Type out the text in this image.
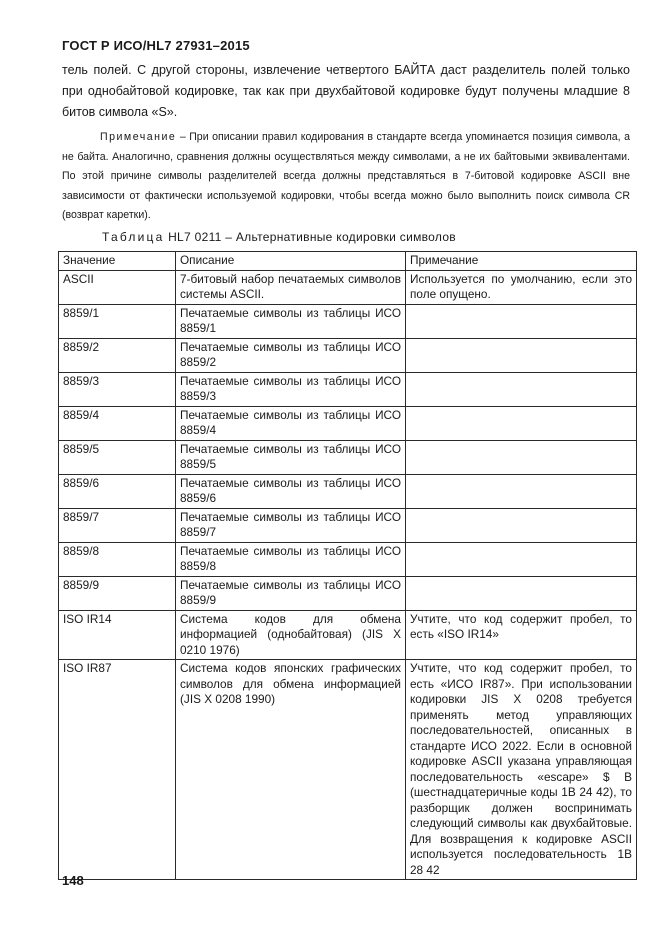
ГОСТ Р ИСО/HL7 27931–2015
тель полей. С другой стороны, извлечение четвертого БАЙТА даст разделитель полей только при однобайтовой кодировке, так как при двухбайтовой кодировке будут получены младшие 8 битов символа «S».
Примечание – При описании правил кодирования в стандарте всегда упоминается позиция символа, а не байта. Аналогично, сравнения должны осуществляться между символами, а не их байтовыми эквивалентами. По этой причине символы разделителей всегда должны представляться в 7-битовой кодировке ASCII вне зависимости от фактически используемой кодировки, чтобы всегда можно было выполнить поиск символа CR (возврат каретки).
Таблица HL7 0211 – Альтернативные кодировки символов
Значение	Описание	Примечание
ASCII	7-битовый набор печатаемых символов системы ASCII.	Используется по умолчанию, если это поле опущено.
8859/1	Печатаемые символы из таблицы ИСО 8859/1	
8859/2	Печатаемые символы из таблицы ИСО 8859/2	
8859/3	Печатаемые символы из таблицы ИСО 8859/3	
8859/4	Печатаемые символы из таблицы ИСО 8859/4	
8859/5	Печатаемые символы из таблицы ИСО 8859/5	
8859/6	Печатаемые символы из таблицы ИСО 8859/6	
8859/7	Печатаемые символы из таблицы ИСО 8859/7	
8859/8	Печатаемые символы из таблицы ИСО 8859/8	
8859/9	Печатаемые символы из таблицы ИСО 8859/9	
ISO IR14	Система кодов для обмена информацией (однобайтовая) (JIS X 0210 1976)	Учтите, что код содержит пробел, то есть «ISO IR14»
ISO IR87	Система кодов японских графических символов для обмена информацией (JIS X 0208 1990)	Учтите, что код содержит пробел, то есть «ИСО IR87». При использовании кодировки JIS X 0208 требуется применять метод управляющих последовательностей, описанных в стандарте ИСО 2022. Если в основной кодировке ASCII указана управляющая последовательность «escape» $ B (шестнадцатеричные коды 1B 24 42), то разборщик должен воспринимать следующий символы как двухбайтовые. Для возвращения к кодировке ASCII используется последовательность 1B 28 42
148
